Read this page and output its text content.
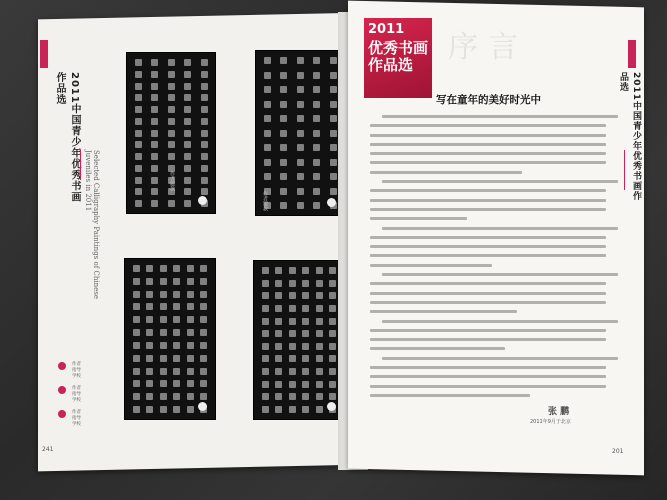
2011中国青少年优秀书画作品选
Selected Calligraphy Paintings of Chinese Juveniles in 2011	作者题款
作者题款
作者
指导
学校
作者
指导
学校
作者
指导
学校
241
2011
优秀书画作品选	序言
写在童年的美好时光中
张 鹏
2011年9月于北京
2011中国青少年优秀书画作品选
201
